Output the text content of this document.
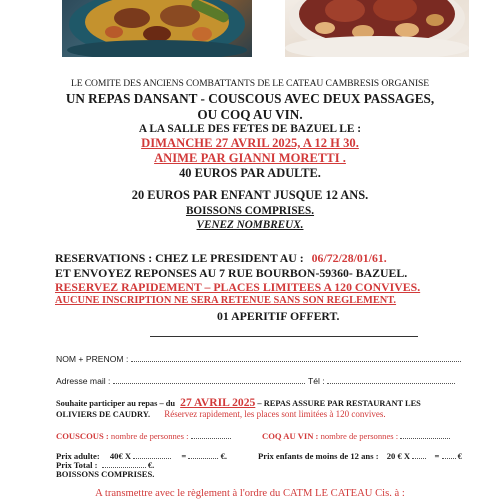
LE COMITE DES ANCIENS COMBATTANTS DE LE CATEAU CAMBRESIS ORGANISE
UN REPAS DANSANT - COUSCOUS AVEC DEUX PASSAGES,
OU COQ AU VIN.
A LA SALLE DES FETES DE BAZUEL LE :
DIMANCHE 27 AVRIL 2025, A 12 H 30.
ANIME PAR GIANNI MORETTI .
40 EUROS PAR ADULTE.
20 EUROS PAR ENFANT JUSQUE 12 ANS.
BOISSONS COMPRISES.
VENEZ NOMBREUX.
RESERVATIONS : CHEZ LE PRESIDENT AU : 06/72/28/01/61.
ET ENVOYEZ REPONSES AU 7 RUE BOURBON-59360- BAZUEL.
RESERVEZ RAPIDEMENT – PLACES LIMITEES A 120 CONVIVES.
AUCUNE INSCRIPTION NE SERA RETENUE SANS SON REGLEMENT.
01 APERITIF OFFERT.
NOM + PRENOM :
Adresse mail :	Tél :
Souhaite participer au repas – du 27 AVRIL 2025 – REPAS ASSURE PAR RESTAURANT LES
OLIVIERS DE CAUDRY. Réservez rapidement, les places sont limitées à 120 convives.
COUSCOUS : nombre de personnes :	COQ AU VIN : nombre de personnes :
Prix adulte: 40€ X	=	€.	Prix enfants de moins de 12 ans : 20 € X	= €
Prix Total :	€.
BOISSONS COMPRISES.
A transmettre avec le règlement à l'ordre du CATM LE CATEAU Cis. à :
